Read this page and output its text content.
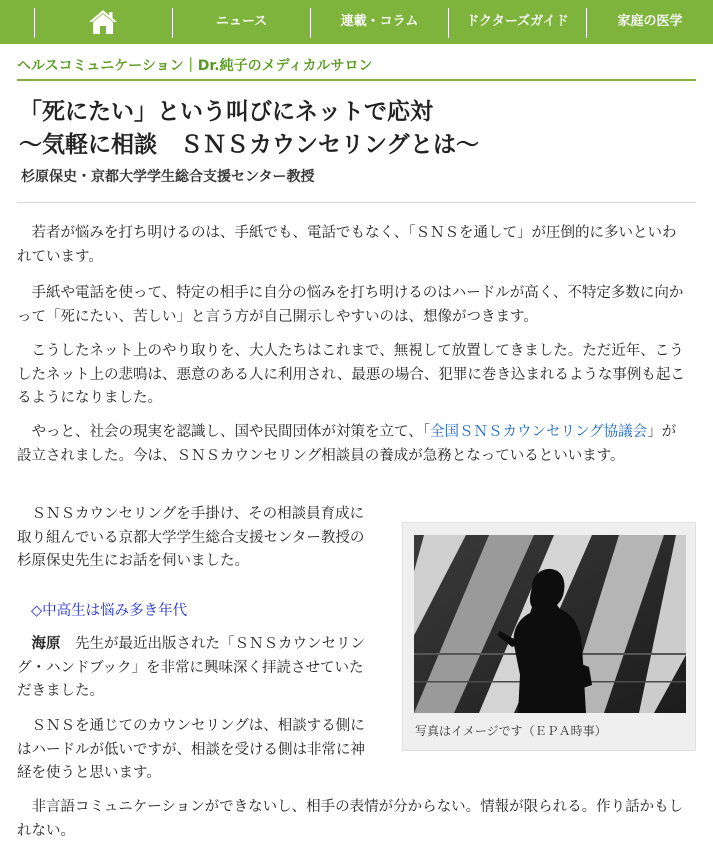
ニュース	連載・コラム	ドクターズガイド	家庭の医学
ヘルスコミュニケーション｜Dr.純子のメディカルサロン
「死にたい」という叫びにネットで応対
～気軽に相談　ＳＮＳカウンセリングとは～
杉原保史・京都大学学生総合支援センター教授

若者が悩みを打ち明けるのは、手紙でも、電話でもなく、「ＳＮＳを通して」が圧倒的に多いといわれています。

手紙や電話を使って、特定の相手に自分の悩みを打ち明けるのはハードルが高く、不特定多数に向かって「死にたい、苦しい」と言う方が自己開示しやすいのは、想像がつきます。

こうしたネット上のやり取りを、大人たちはこれまで、無視して放置してきました。ただ近年、こうしたネット上の悲鳴は、悪意のある人に利用され、最悪の場合、犯罪に巻き込まれるような事例も起こるようになりました。

やっと、社会の現実を認識し、国や民間団体が対策を立て、「全国ＳＮＳカウンセリング協議会」が設立されました。今は、ＳＮＳカウンセリング相談員の養成が急務となっているといいます。

ＳＮＳカウンセリングを手掛け、その相談員育成に取り組んでいる京都大学学生総合支援センター教授の杉原保史先生にお話を伺いました。

◇中高生は悩み多き年代

海原 先生が最近出版された「ＳＮＳカウンセリング・ハンドブック」を非常に興味深く拝読させていただきました。

ＳＮＳを通じてのカウンセリングは、相談する側にはハードルが低いですが、相談を受ける側は非常に神経を使うと思います。

写真はイメージです（ＥＰＡ時事）

非言語コミュニケーションができないし、相手の表情が分からない。情報が限られる。作り話かもしれない。
